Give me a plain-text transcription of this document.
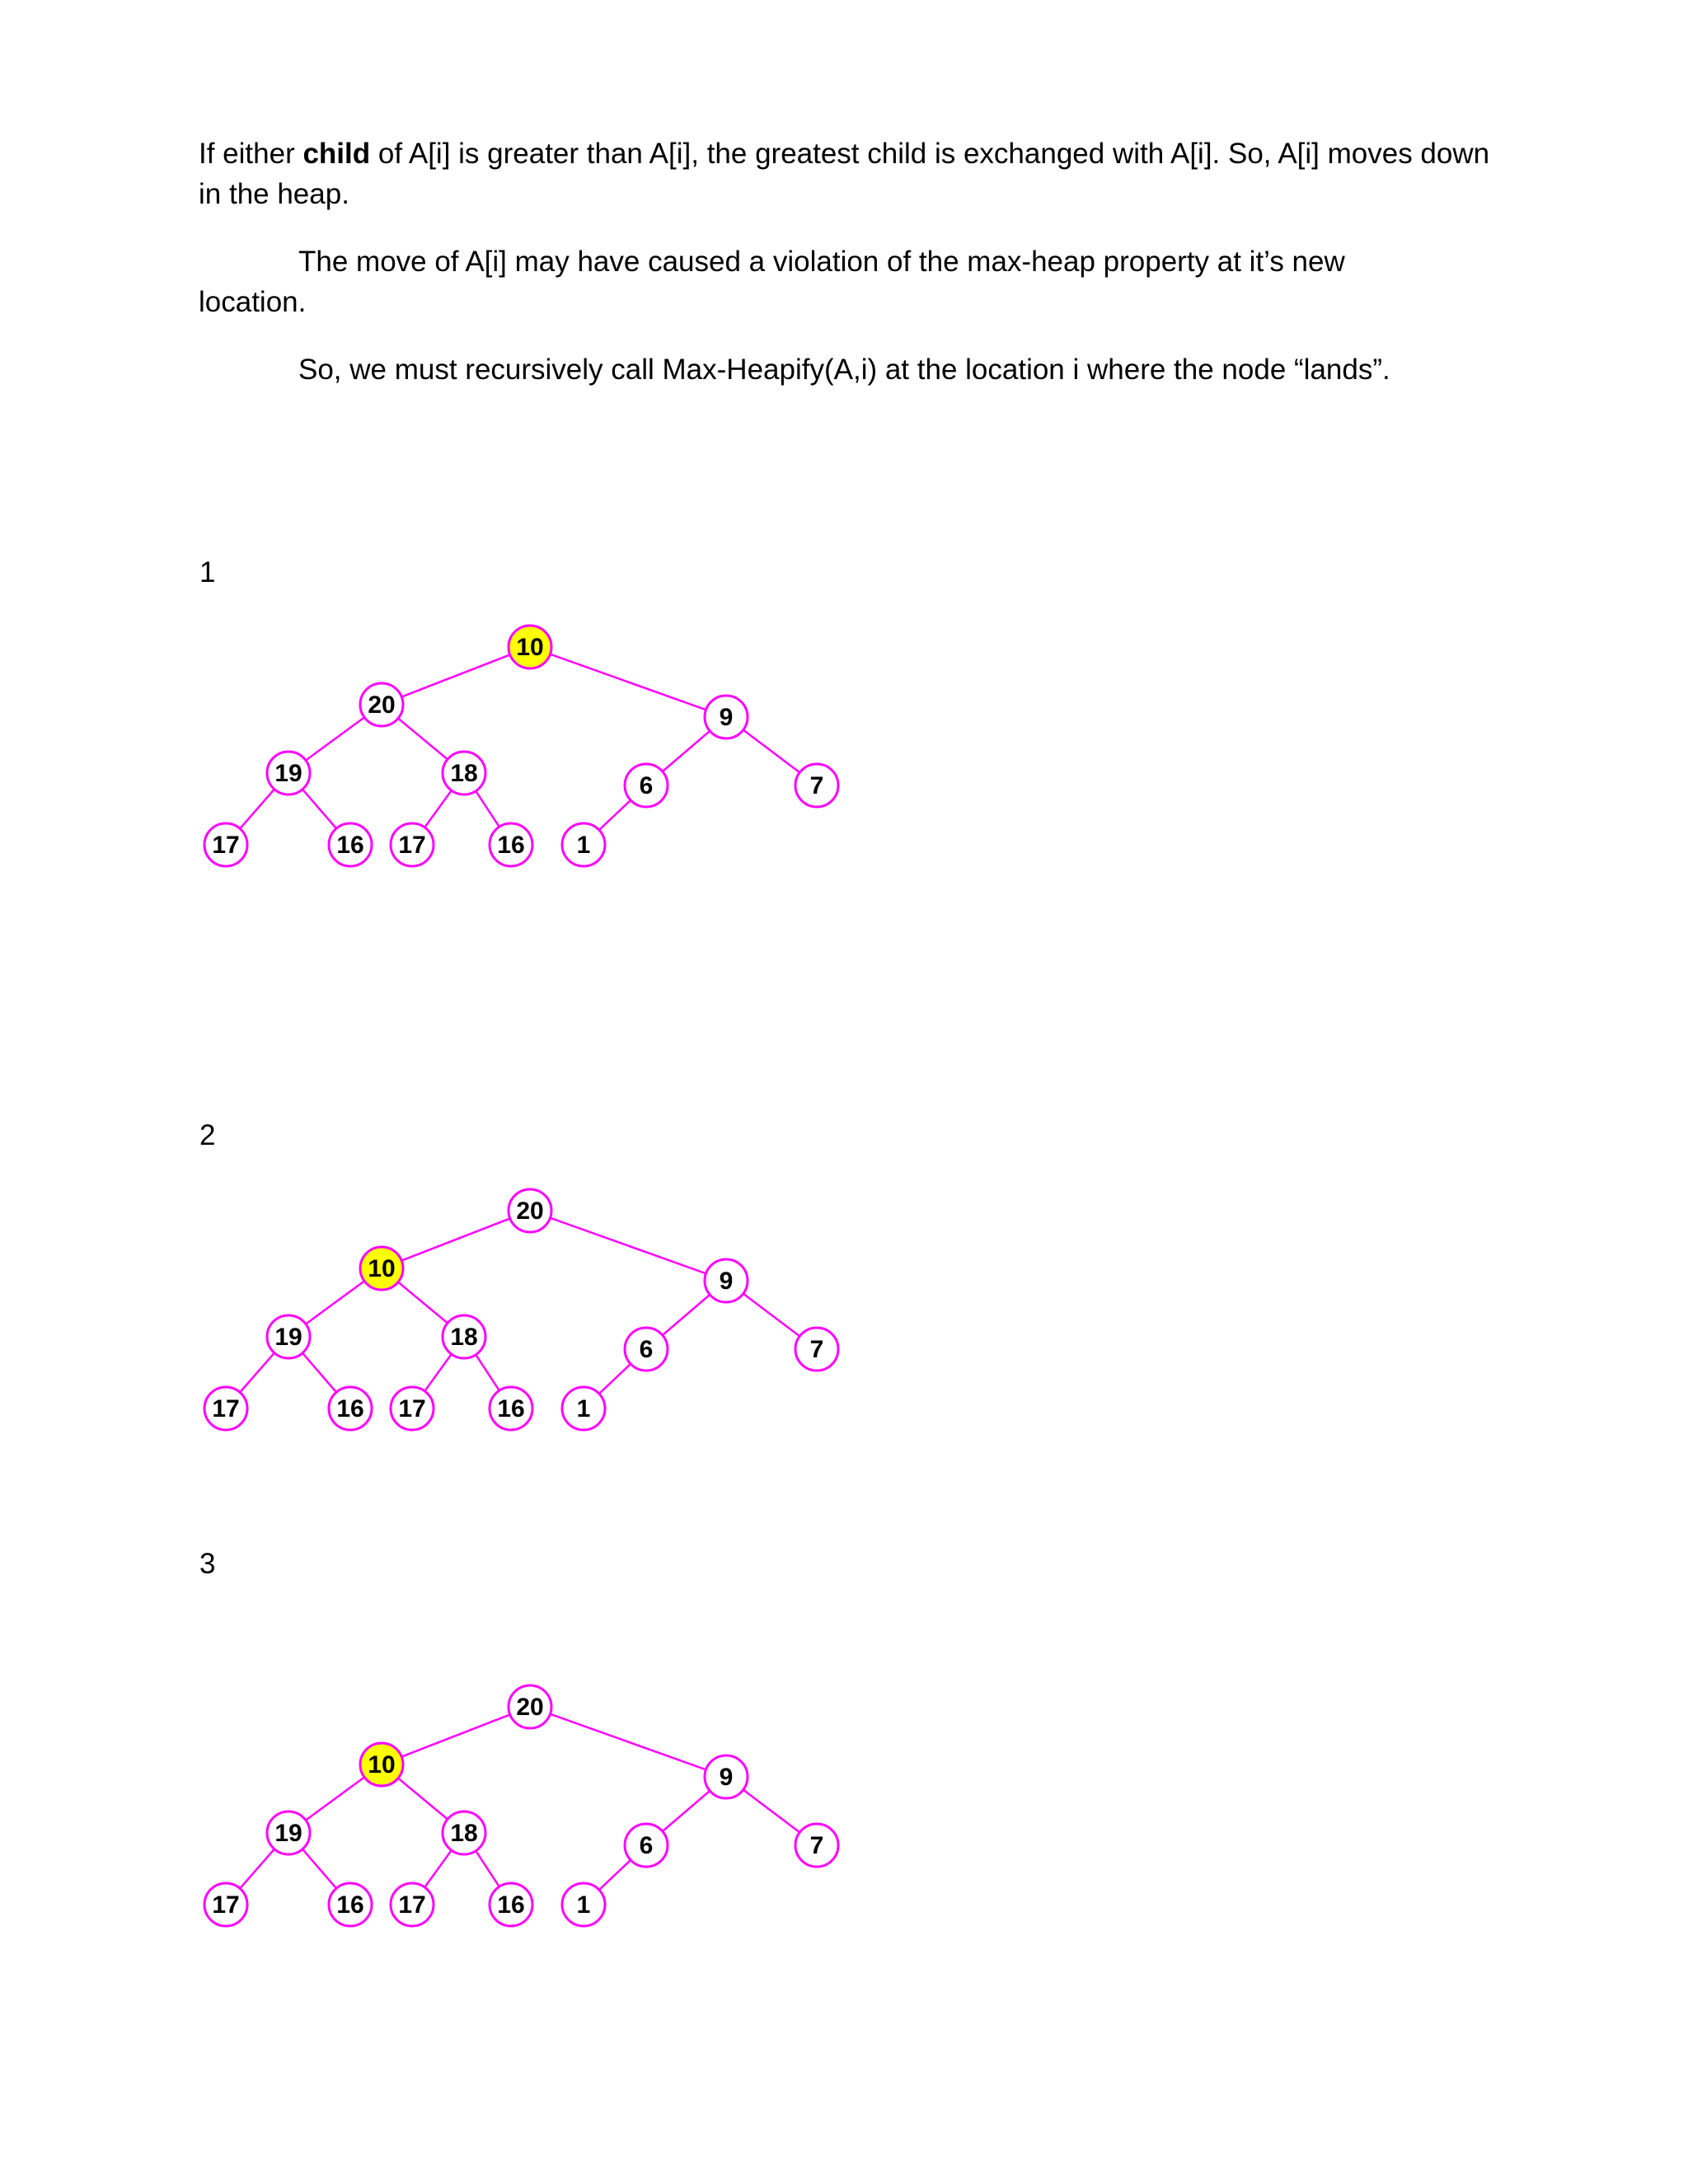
If either child of A[i] is greater than A[i], the greatest child is exchanged with A[i]. So, A[i] moves down in the heap.

The move of A[i] may have caused a violation of the max-heap property at it’s new location.

So, we must recursively call Max-Heapify(A,i) at the location i where the node “lands”.

1
10
20	9
19	18	6	7
17	16 17	16 1
2
20
10	9
19	18	6	7
17	16 17	16 1
3
20
10	9
19	18	6	7
17	16 17	16 1
